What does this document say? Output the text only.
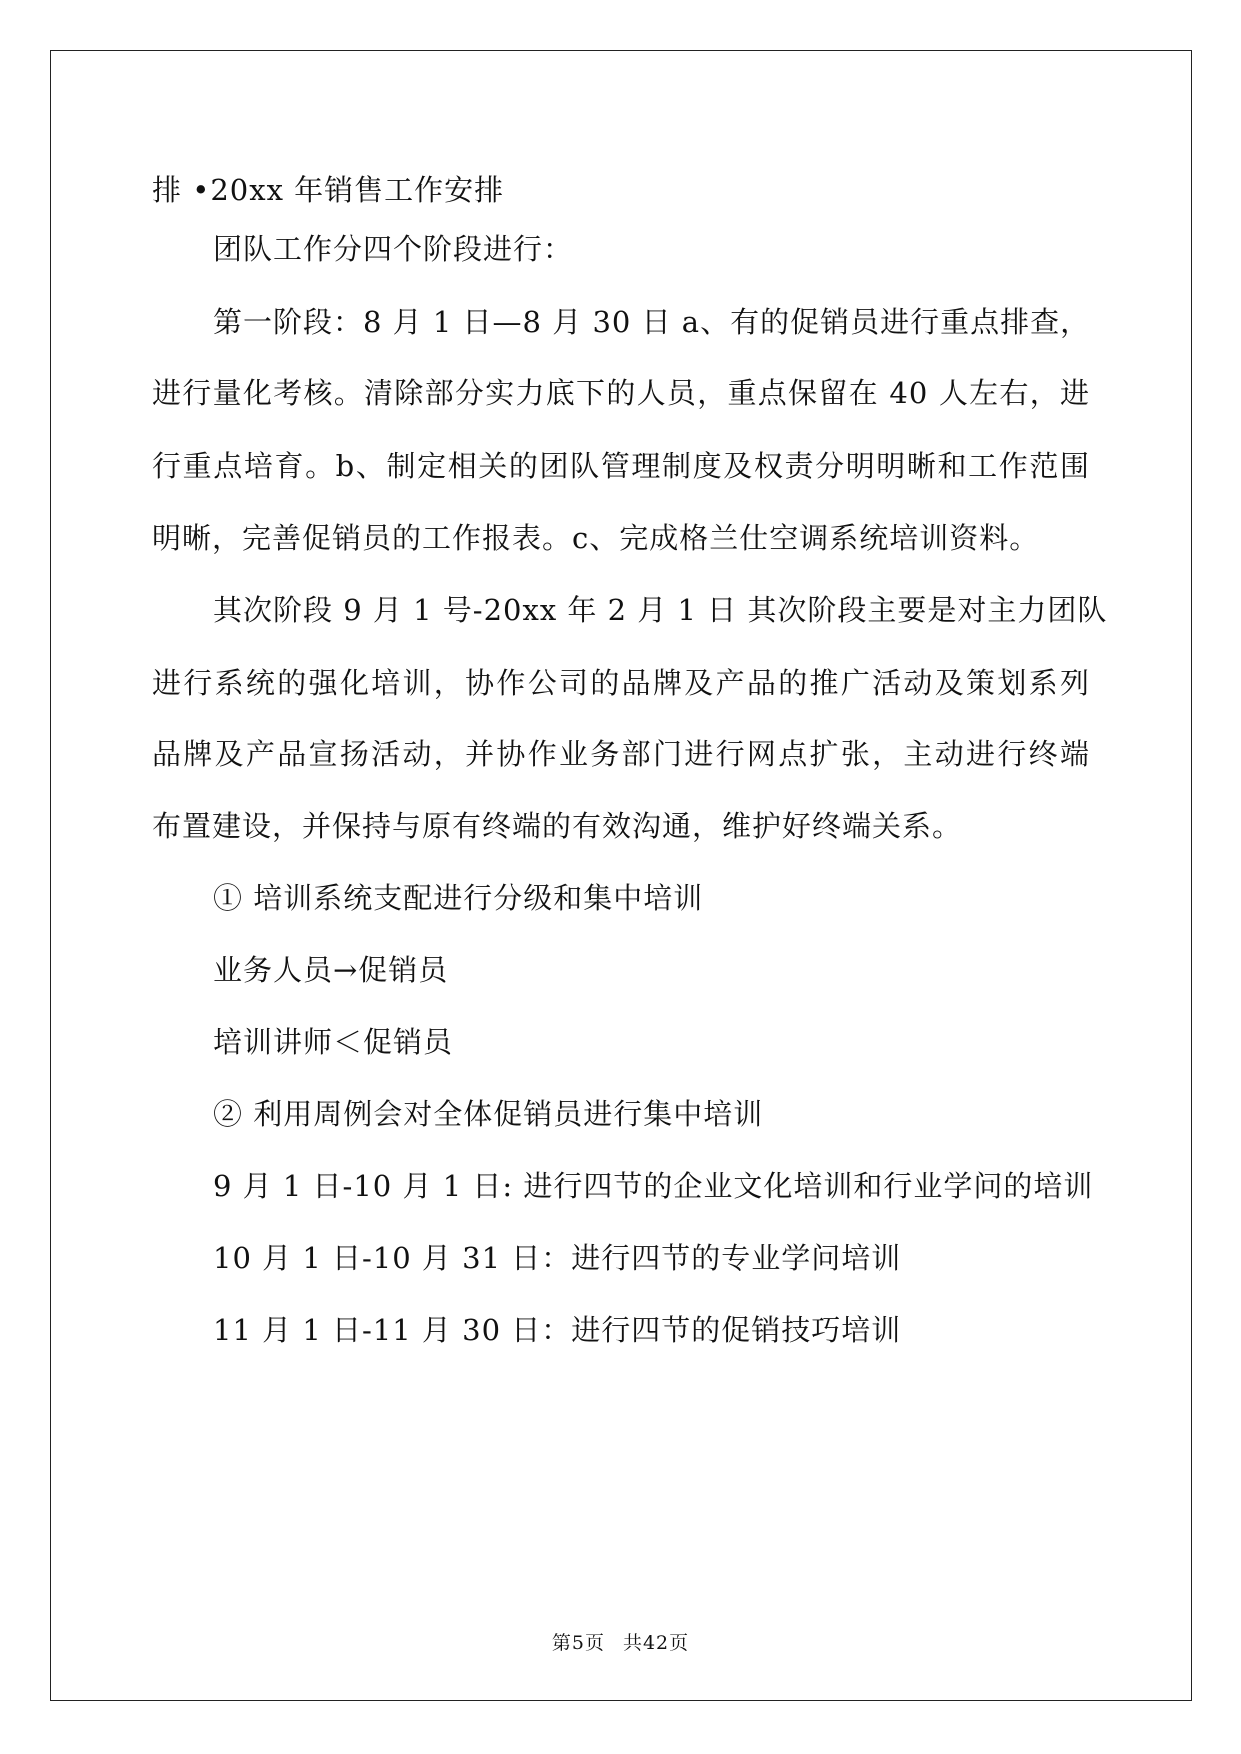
排 •20xx 年销售工作安排
团队工作分四个阶段进行：
第一阶段：8 月 1 日—8 月 30 日 a、有的促销员进行重点排查，
进行量化考核。清除部分实力底下的人员，重点保留在 40 人左右，进
行重点培育。b、制定相关的团队管理制度及权责分明明晰和工作范围
明晰，完善促销员的工作报表。c、完成格兰仕空调系统培训资料。
其次阶段 9 月 1 号-20xx 年 2 月 1 日 其次阶段主要是对主力团队
进行系统的强化培训，协作公司的品牌及产品的推广活动及策划系列
品牌及产品宣扬活动，并协作业务部门进行网点扩张，主动进行终端
布置建设，并保持与原有终端的有效沟通，维护好终端关系。
① 培训系统支配进行分级和集中培训
业务人员→促销员
培训讲师＜促销员
② 利用周例会对全体促销员进行集中培训
9 月 1 日-10 月 1 日: 进行四节的企业文化培训和行业学问的培训
10 月 1 日-10 月 31 日：进行四节的专业学问培训
11 月 1 日-11 月 30 日：进行四节的促销技巧培训
第5页 共42页
